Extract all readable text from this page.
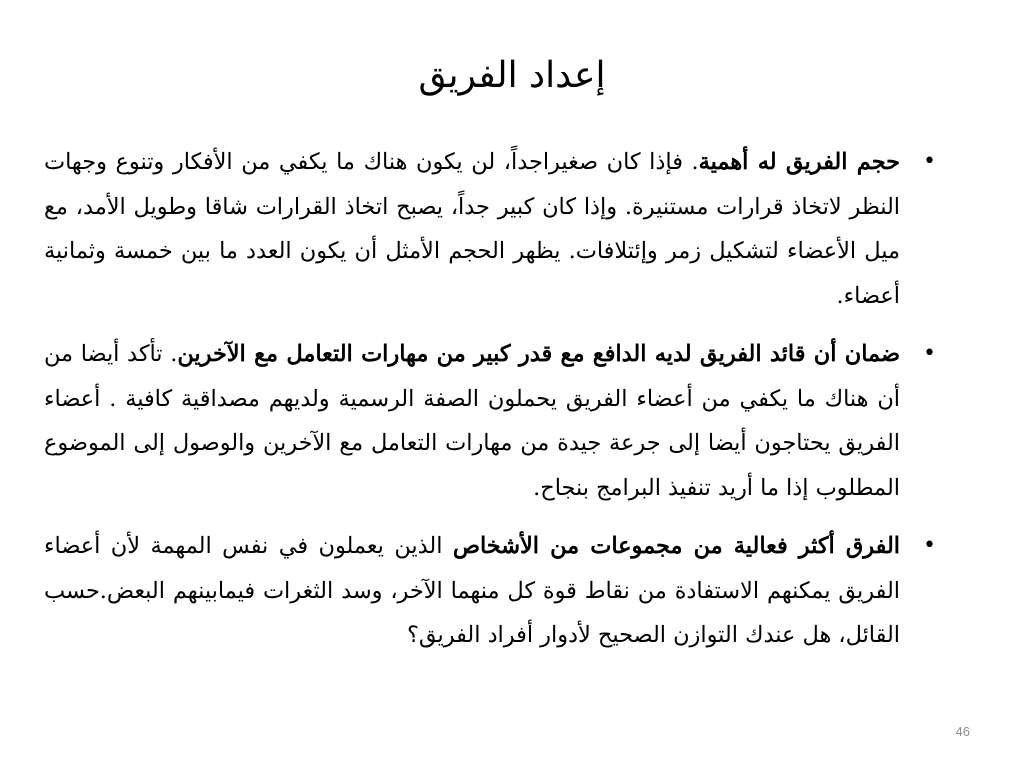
إعداد الفريق
•
حجم الفريق له أهمية. فإذا كان صغيراجداً، لن يكون هناك ما يكفي من الأفكار وتنوع وجهات النظر لاتخاذ قرارات مستنيرة. وإذا كان كبير جداً، يصبح اتخاذ القرارات شاقا وطويل الأمد، مع ميل الأعضاء لتشكيل زمر وإئتلافات. يظهر الحجم الأمثل أن يكون العدد ما بين خمسة وثمانية أعضاء.
•
ضمان أن قائد الفريق لديه الدافع مع قدر كبير من مهارات التعامل مع الآخرين. تأكد أيضا من أن هناك ما يكفي من أعضاء الفريق يحملون الصفة الرسمية ولديهم مصداقية كافية . أعضاء الفريق يحتاجون أيضا إلى جرعة جيدة من مهارات التعامل مع الآخرين والوصول إلى الموضوع المطلوب إذا ما أريد تنفيذ البرامج بنجاح.
•
الفرق أكثر فعالية من مجموعات من الأشخاص الذين يعملون في نفس المهمة لأن أعضاء الفريق يمكنهم الاستفادة من نقاط قوة كل منهما الآخر، وسد الثغرات فيمابينهم البعض.حسب القائل، هل عندك التوازن الصحيح لأدوار أفراد الفريق؟
46
